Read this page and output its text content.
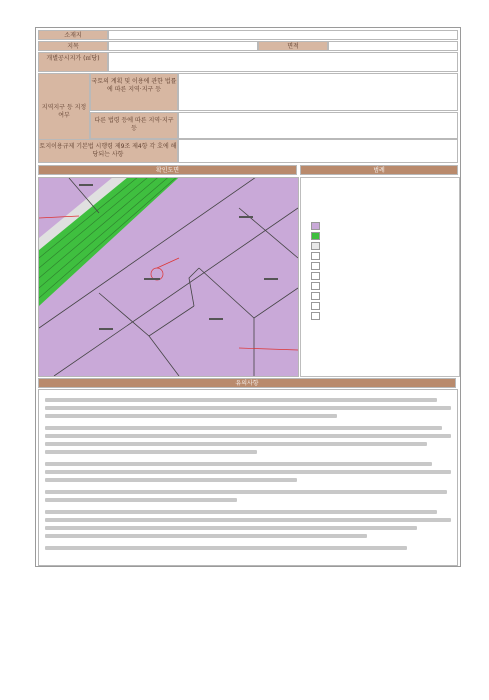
소재지
지목	면적
개별공시지가 (㎡당)
지역지구 등 지정여부
국토의 계획 및 이용에 관한 법률에 따른 지역·지구 등
다른 법령 등에 따른 지역·지구 등
토지이용규제 기본법 시행령 제9조 제4항 각 호에 해당되는 사항
확인도면	범례
유의사항
